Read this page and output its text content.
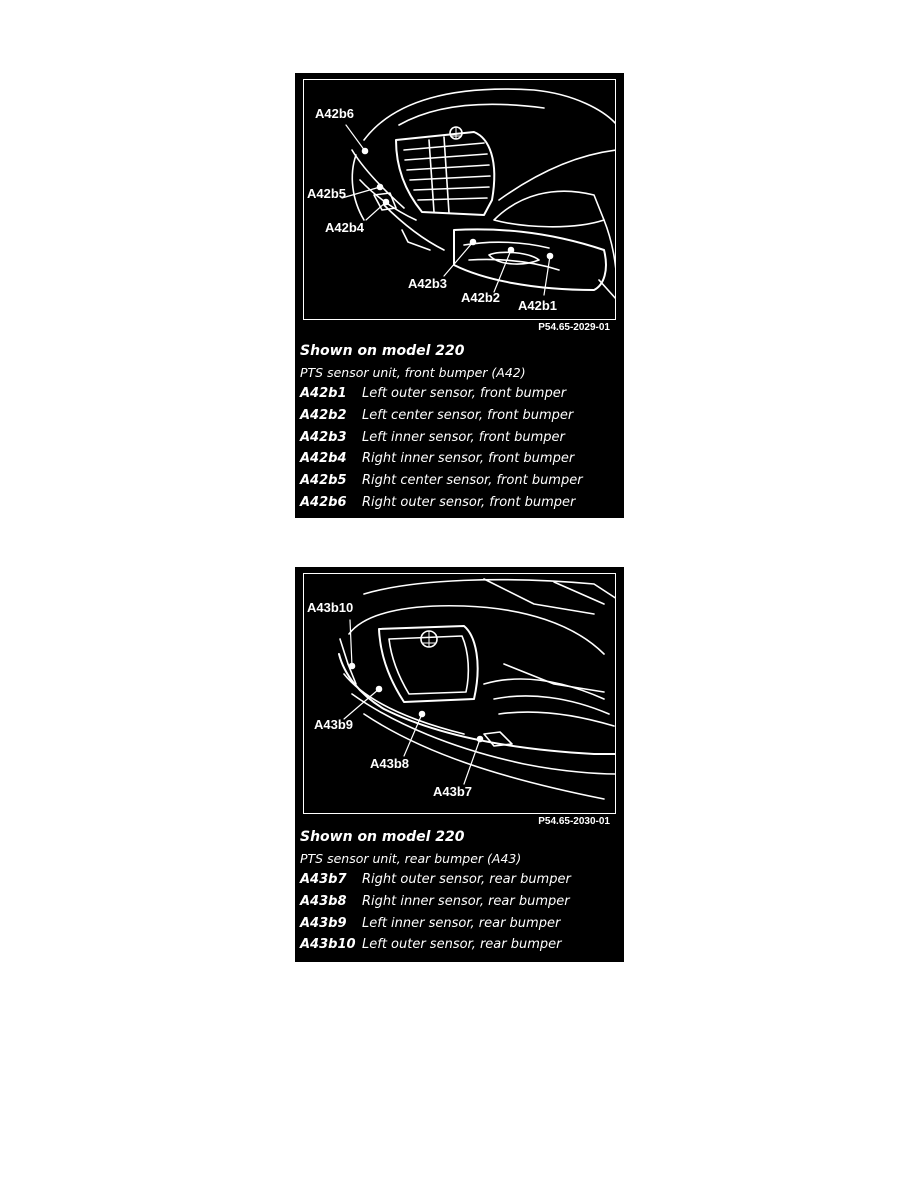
A42b6
A42b5
A42b4
A42b3
A42b2
A42b1
P54.65-2029-01
Shown on model 220
PTS sensor unit, front bumper (A42)
A42b1 Left outer sensor, front bumper
A42b2 Left center sensor, front bumper
A42b3 Left inner sensor, front bumper
A42b4 Right inner sensor, front bumper
A42b5 Right center sensor, front bumper
A42b6 Right outer sensor, front bumper
A43b10
A43b9
A43b8
A43b7
P54.65-2030-01
Shown on model 220
PTS sensor unit, rear bumper (A43)
A43b7 Right outer sensor, rear bumper
A43b8 Right inner sensor, rear bumper
A43b9 Left inner sensor, rear bumper
A43b10 Left outer sensor, rear bumper
